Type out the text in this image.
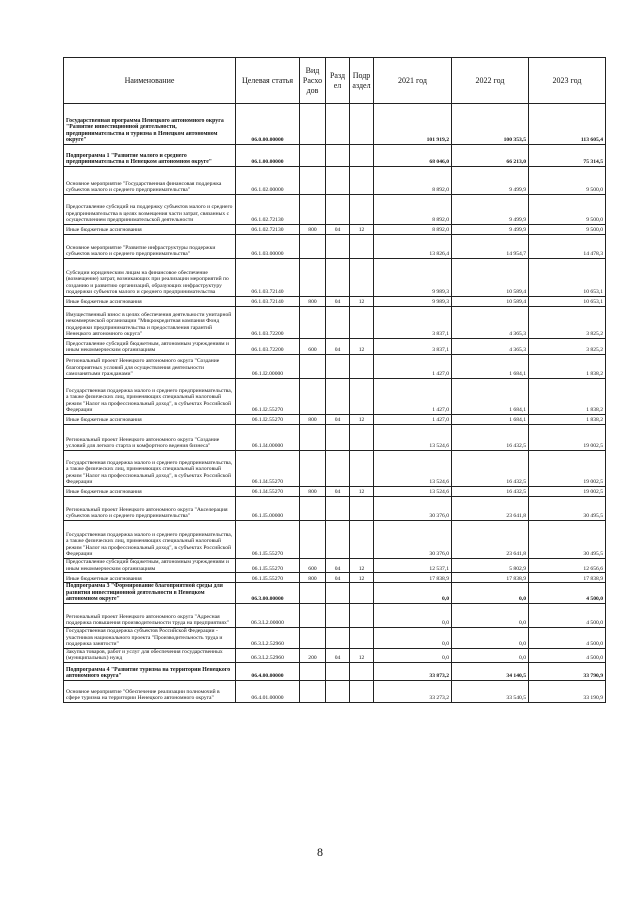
Наименование	Целевая статья	Вид Расхо дов	Разд ел	Подр аздел	2021 год	2022 год	2023 год
Государственная программа Ненецкого автономного округа "Развитие инвестиционной деятельности, предпринимательства и туризма в Ненецком автономном округе"	06.0.00.00000				101 919,2	100 353,5	113 605,4
Подпрограмма 1 "Развитие малого и среднего предпринимательства в Ненецком автономном округе"	06.1.00.00000				68 046,0	66 213,0	75 314,5
Основное мероприятие "Государственная финансовая поддержка субъектов малого и среднего предпринимательства"	06.1.02.00000				8 892,0	9 499,9	9 500,0
Предоставление субсидий на поддержку субъектов малого и среднего предпринимательства в целях возмещения части затрат, связанных с осуществлением предпринимательской деятельности	06.1.02.72130				8 892,0	9 499,9	9 500,0
Иные бюджетные ассигнования	06.1.02.72130	800	04	12	8 892,0	9 499,9	9 500,0
Основное мероприятие "Развитие инфраструктуры поддержки субъектов малого и среднего предпринимательства"	06.1.03.00000				13 826,4	14 954,7	14 478,3
Субсидии юридическим лицам на финансовое обеспечение (возмещение) затрат, возникающих при реализации мероприятий по созданию и развитию организаций, образующих инфраструктуру поддержки субъектов малого и среднего предпринимательства	06.1.03.72140				9 989,3	10 589,4	10 653,1
Иные бюджетные ассигнования	06.1.03.72140	800	04	12	9 989,3	10 589,4	10 653,1
Имущественный взнос в целях обеспечения деятельности унитарной некоммерческой организации "Микрокредитная компания Фонд поддержки предпринимательства и предоставления гарантий Ненецкого автономного округа"	06.1.03.72200				3 837,1	4 365,3	3 825,2
Предоставление субсидий бюджетным, автономным учреждениям и иным некоммерческим организациям	06.1.03.72200	600	04	12	3 837,1	4 365,3	3 825,2
Региональный проект Ненецкого автономного округа "Создание благоприятных условий для осуществления деятельности самозанятыми гражданами"	06.1.I2.00000				1 427,0	1 684,1	1 838,2
Государственная поддержка малого и среднего предпринимательства, а также физических лиц, применяющих специальный налоговый режим "Налог на профессиональный доход", в субъектах Российской Федерации	06.1.I2.55270				1 427,0	1 684,1	1 838,2
Иные бюджетные ассигнования	06.1.I2.55270	800	04	12	1 427,0	1 684,1	1 838,2
Региональный проект Ненецкого автономного округа "Создание условий для легкого старта и комфортного ведения бизнеса"	06.1.I4.00000				13 524,6	16 432,5	19 002,5
Государственная поддержка малого и среднего предпринимательства, а также физических лиц, применяющих специальный налоговый режим "Налог на профессиональный доход", в субъектах Российской Федерации	06.1.I4.55270				13 524,6	16 432,5	19 002,5
Иные бюджетные ассигнования	06.1.I4.55270	800	04	12	13 524,6	16 432,5	19 002,5
Региональный проект Ненецкого автономного округа "Акселерация субъектов малого и среднего предпринимательства"	06.1.I5.00000				30 376,0	23 641,8	30 495,5
Государственная поддержка малого и среднего предпринимательства, а также физических лиц, применяющих специальный налоговый режим "Налог на профессиональный доход", в субъектах Российской Федерации	06.1.I5.55270				30 376,0	23 641,8	30 495,5
Предоставление субсидий бюджетным, автономным учреждениям и иным некоммерческим организациям	06.1.I5.55270	600	04	12	12 537,1	5 802,9	12 656,6
Иные бюджетные ассигнования	06.1.I5.55270	800	04	12	17 838,9	17 838,9	17 838,9
Подпрограмма 3 "Формирование благоприятной среды для развития инвестиционной деятельности в Ненецком автономном округе"	06.3.00.00000				0,0	0,0	4 500,0
Региональный проект Ненецкого автономного округа "Адресная поддержка повышения производительности труда на предприятиях"	06.3.L2.00000				0,0	0,0	4 500,0
Государственная поддержка субъектов Российской Федерации - участников национального проекта "Производительность труда и поддержка занятости"	06.3.L2.52960				0,0	0,0	4 500,0
Закупка товаров, работ и услуг для обеспечения государственных (муниципальных) нужд	06.3.L2.52960	200	04	12	0,0	0,0	4 500,0
Подпрограмма 4 "Развитие туризма на территории Ненецкого автономного округа"	06.4.00.00000				33 873,2	34 140,5	33 790,9
Основное мероприятие "Обеспечение реализации полномочий в сфере туризма на территории Ненецкого автономного округа"	06.4.01.00000				33 273,2	33 540,5	33 190,9
8
